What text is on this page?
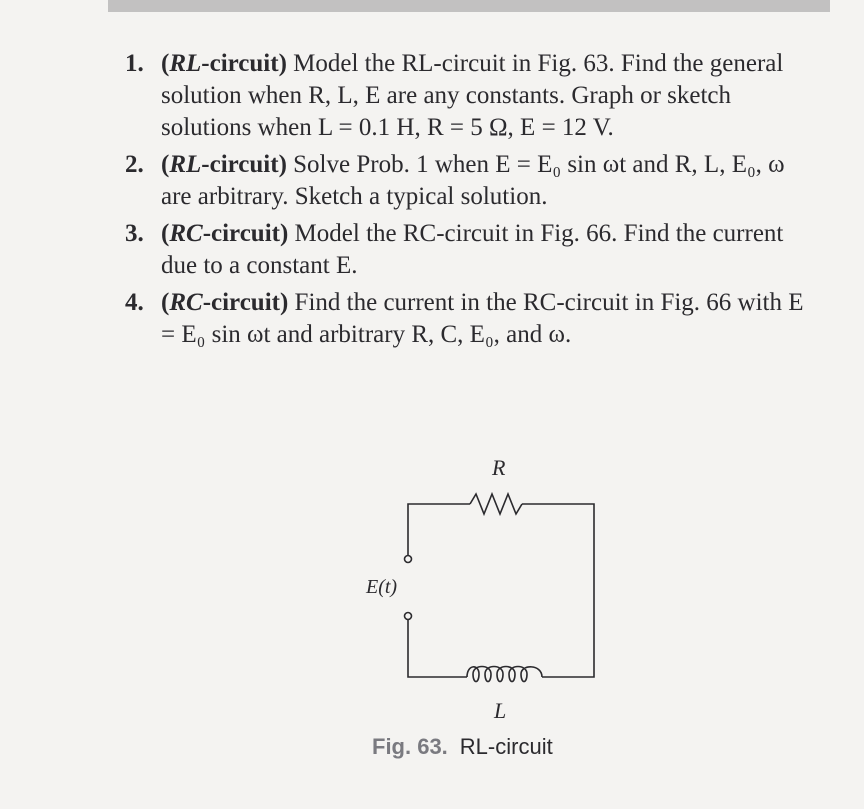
1. (RL-circuit) Model the RL-circuit in Fig. 63. Find the general solution when R, L, E are any constants. Graph or sketch solutions when L = 0.1 H, R = 5 Ω, E = 12 V.
2. (RL-circuit) Solve Prob. 1 when E = E₀ sin ωt and R, L, E₀, ω are arbitrary. Sketch a typical solution.
3. (RC-circuit) Model the RC-circuit in Fig. 66. Find the current due to a constant E.
4. (RC-circuit) Find the current in the RC-circuit in Fig. 66 with E = E₀ sin ωt and arbitrary R, C, E₀, and ω.
R
E(t)
L
Fig. 63. RL-circuit
